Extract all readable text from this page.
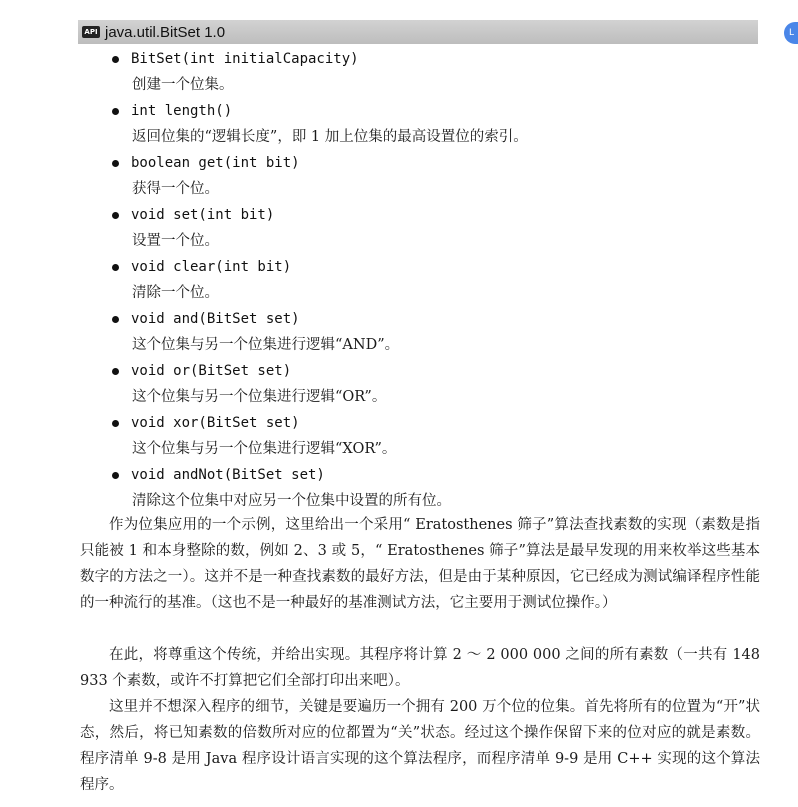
API java.util.BitSet 1.0	L
BitSet(int initialCapacity)
创建一个位集。
int length()
返回位集的“逻辑长度”，即 1 加上位集的最高设置位的索引。
boolean get(int bit)
获得一个位。
void set(int bit)
设置一个位。
void clear(int bit)
清除一个位。
void and(BitSet set)
这个位集与另一个位集进行逻辑“AND”。
void or(BitSet set)
这个位集与另一个位集进行逻辑“OR”。
void xor(BitSet set)
这个位集与另一个位集进行逻辑“XOR”。
void andNot(BitSet set)
清除这个位集中对应另一个位集中设置的所有位。

作为位集应用的一个示例，这里给出一个采用“ Eratosthenes 筛子”算法查找素数的实现（素数是指只能被 1 和本身整除的数，例如 2、3 或 5，“ Eratosthenes 筛子”算法是最早发现的用来枚举这些基本数字的方法之一）。这并不是一种查找素数的最好方法，但是由于某种原因，它已经成为测试编译程序性能的一种流行的基准。（这也不是一种最好的基准测试方法，它主要用于测试位操作。）

在此，将尊重这个传统，并给出实现。其程序将计算 2 ～ 2 000 000 之间的所有素数（一共有 148 933 个素数，或许不打算把它们全部打印出来吧）。

这里并不想深入程序的细节，关键是要遍历一个拥有 200 万个位的位集。首先将所有的位置为“开”状态，然后，将已知素数的倍数所对应的位都置为“关”状态。经过这个操作保留下来的位对应的就是素数。程序清单 9-8 是用 Java 程序设计语言实现的这个算法程序，而程序清单 9-9 是用 C++ 实现的这个算法程序。
